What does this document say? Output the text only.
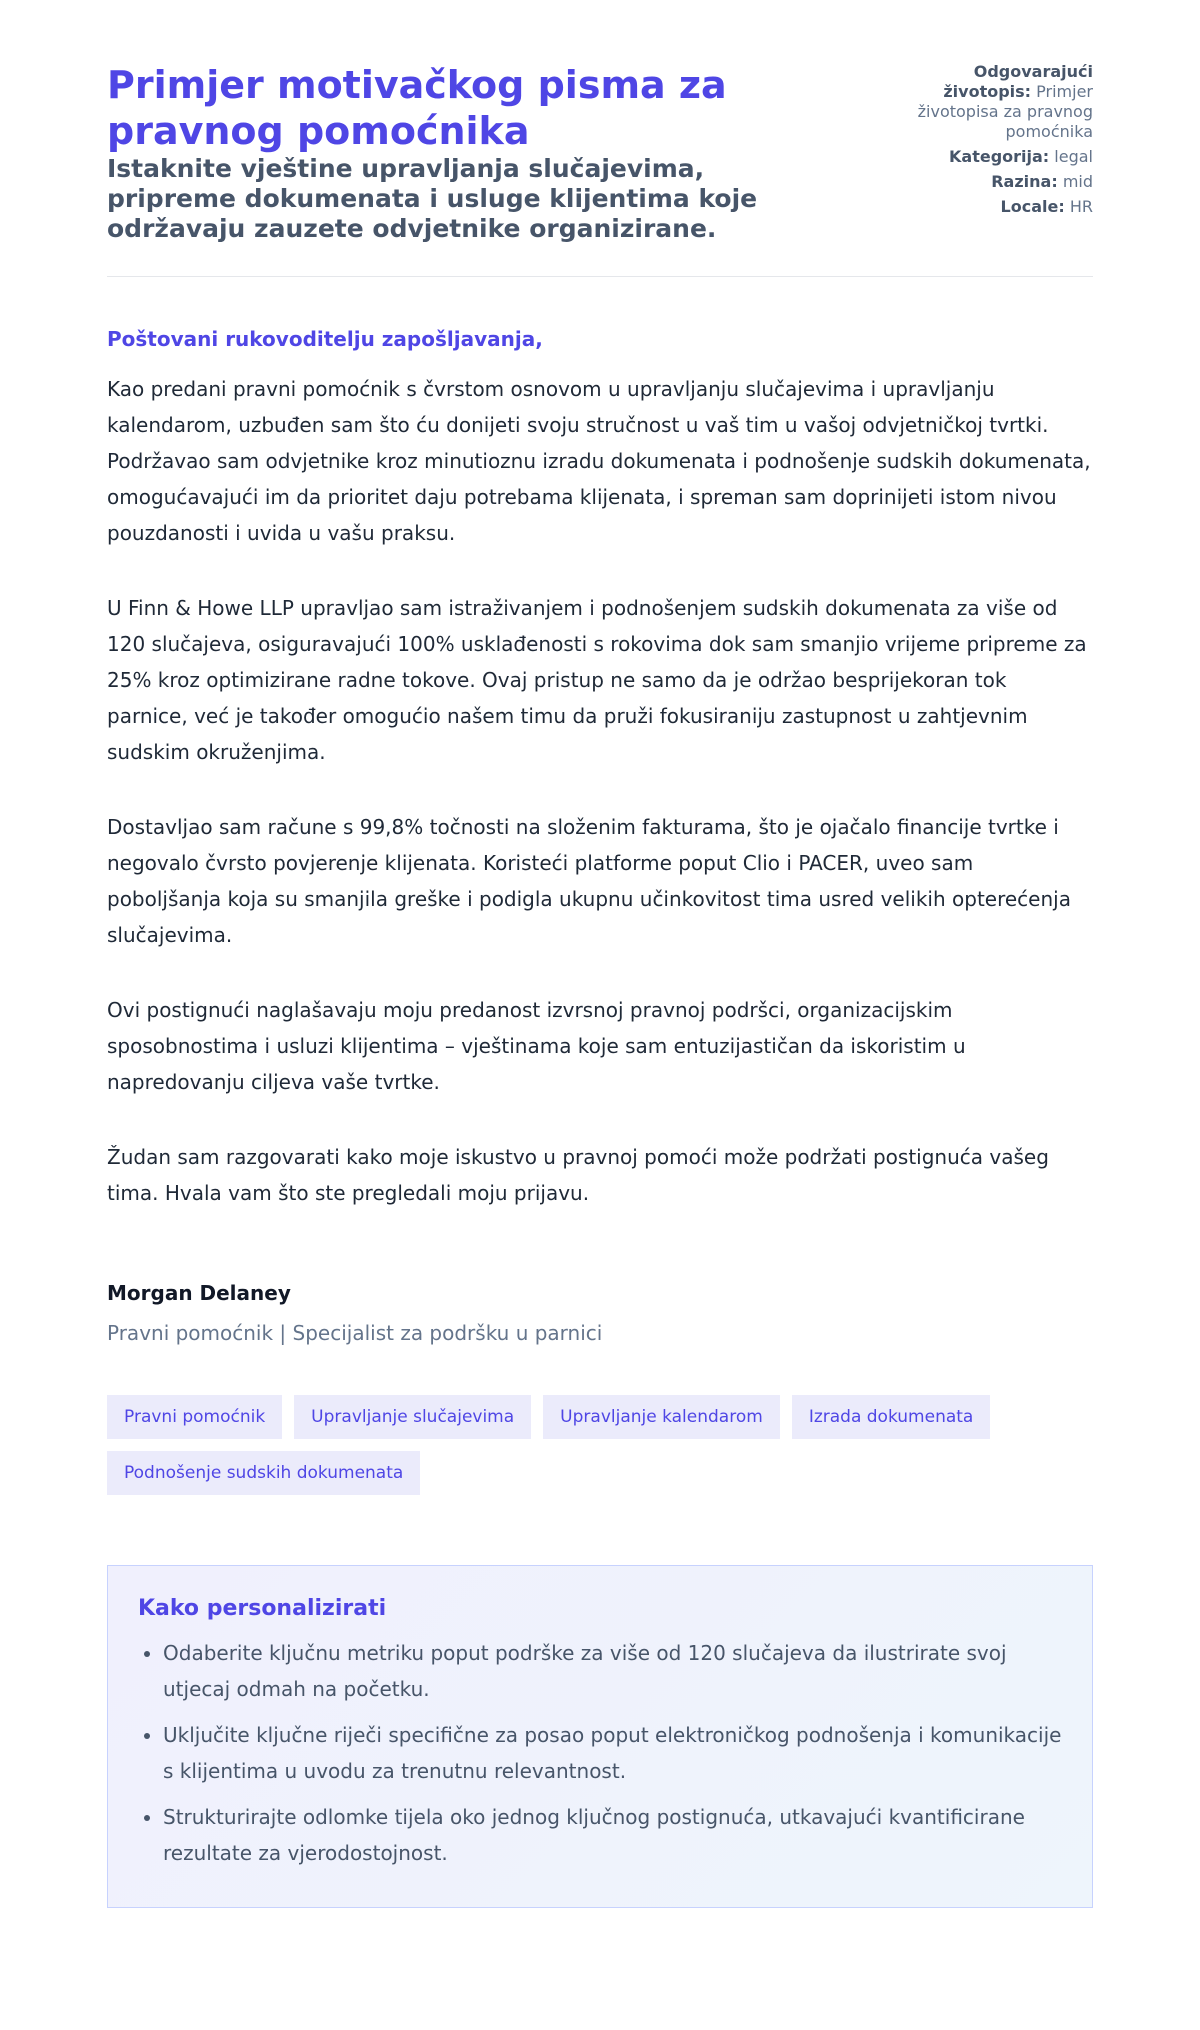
Primjer motivačkog pisma za pravnog pomoćnika
Istaknite vještine upravljanja slučajevima, pripreme dokumenata i usluge klijentima koje održavaju zauzete odvjetnike organizirane.
Odgovarajući životopis: Primjer životopisa za pravnog pomoćnika
Kategorija: legal
Razina: mid
Locale: HR
Poštovani rukovoditelju zapošljavanja,

Kao predani pravni pomoćnik s čvrstom osnovom u upravljanju slučajevima i upravljanju kalendarom, uzbuđen sam što ću donijeti svoju stručnost u vaš tim u vašoj odvjetničkoj tvrtki. Podržavao sam odvjetnike kroz minutioznu izradu dokumenata i podnošenje sudskih dokumenata, omogućavajući im da prioritet daju potrebama klijenata, i spreman sam doprinijeti istom nivou pouzdanosti i uvida u vašu praksu.

U Finn & Howe LLP upravljao sam istraživanjem i podnošenjem sudskih dokumenata za više od 120 slučajeva, osiguravajući 100% usklađenosti s rokovima dok sam smanjio vrijeme pripreme za 25% kroz optimizirane radne tokove. Ovaj pristup ne samo da je održao besprijekoran tok parnice, već je također omogućio našem timu da pruži fokusiraniju zastupnost u zahtjevnim sudskim okruženjima.

Dostavljao sam račune s 99,8% točnosti na složenim fakturama, što je ojačalo financije tvrtke i negovalo čvrsto povjerenje klijenata. Koristeći platforme poput Clio i PACER, uveo sam poboljšanja koja su smanjila greške i podigla ukupnu učinkovitost tima usred velikih opterećenja slučajevima.

Ovi postignući naglašavaju moju predanost izvrsnoj pravnoj podršci, organizacijskim sposobnostima i usluzi klijentima – vještinama koje sam entuzijastičan da iskoristim u napredovanju ciljeva vaše tvrtke.

Žudan sam razgovarati kako moje iskustvo u pravnoj pomoći može podržati postignuća vašeg tima. Hvala vam što ste pregledali moju prijavu.

Morgan Delaney
Pravni pomoćnik | Specijalist za podršku u parnici
Pravni pomoćnik	Upravljanje slučajevima	Upravljanje kalendarom	Izrada dokumenata
Podnošenje sudskih dokumenata
Kako personalizirati
• Odaberite ključnu metriku poput podrške za više od 120 slučajeva da ilustrirate svoj utjecaj odmah na početku.
• Uključite ključne riječi specifične za posao poput elektroničkog podnošenja i komunikacije s klijentima u uvodu za trenutnu relevantnost.
• Strukturirajte odlomke tijela oko jednog ključnog postignuća, utkavajući kvantificirane rezultate za vjerodostojnost.
